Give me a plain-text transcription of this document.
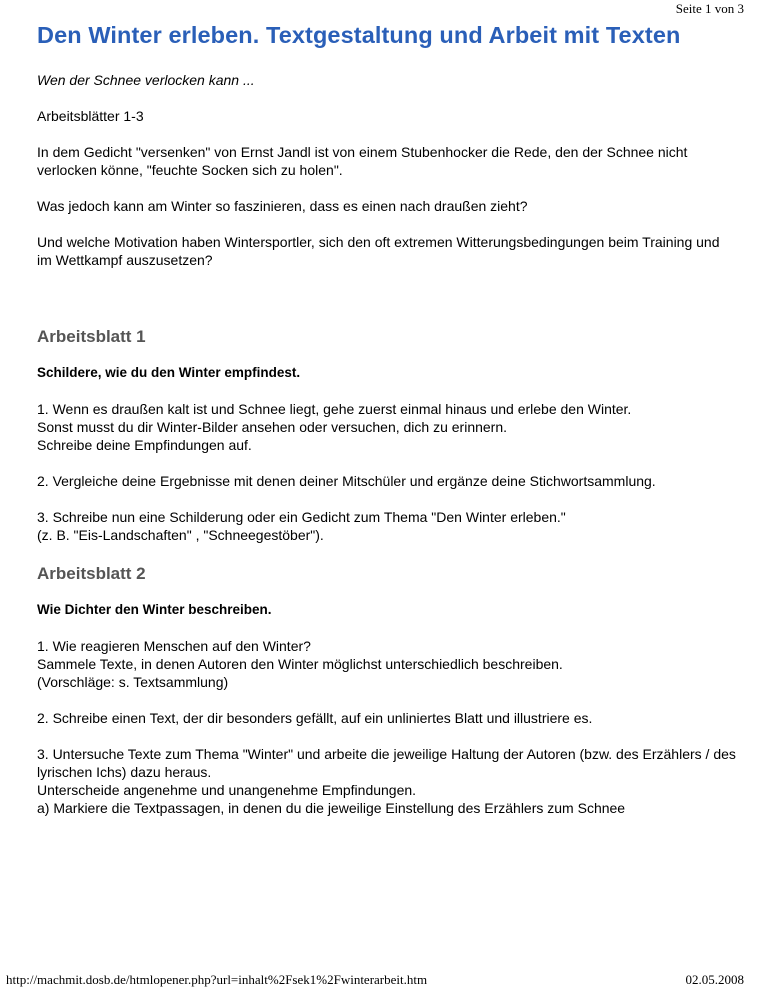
Seite 1 von 3
Den Winter erleben. Textgestaltung und Arbeit mit Texten

Wen der Schnee verlocken kann ...

Arbeitsblätter 1-3

In dem Gedicht "versenken" von Ernst Jandl ist von einem Stubenhocker die Rede, den der Schnee nicht verlocken könne, "feuchte Socken sich zu holen".

Was jedoch kann am Winter so faszinieren, dass es einen nach draußen zieht?

Und welche Motivation haben Wintersportler, sich den oft extremen Witterungsbedingungen beim Training und im Wettkampf auszusetzen?

Arbeitsblatt 1

Schildere, wie du den Winter empfindest.

1. Wenn es draußen kalt ist und Schnee liegt, gehe zuerst einmal hinaus und erlebe den Winter.
Sonst musst du dir Winter-Bilder ansehen oder versuchen, dich zu erinnern.
Schreibe deine Empfindungen auf.

2. Vergleiche deine Ergebnisse mit denen deiner Mitschüler und ergänze deine Stichwortsammlung.

3. Schreibe nun eine Schilderung oder ein Gedicht zum Thema "Den Winter erleben."
(z. B. "Eis-Landschaften" , "Schneegestöber").

Arbeitsblatt 2

Wie Dichter den Winter beschreiben.

1. Wie reagieren Menschen auf den Winter?
Sammele Texte, in denen Autoren den Winter möglichst unterschiedlich beschreiben.
(Vorschläge: s. Textsammlung)

2. Schreibe einen Text, der dir besonders gefällt, auf ein unliniertes Blatt und illustriere es.

3. Untersuche Texte zum Thema "Winter" und arbeite die jeweilige Haltung der Autoren (bzw. des Erzählers / des lyrischen Ichs) dazu heraus.
Unterscheide angenehme und unangenehme Empfindungen.
a) Markiere die Textpassagen, in denen du die jeweilige Einstellung des Erzählers zum Schnee

http://machmit.dosb.de/htmlopener.php?url=inhalt%2Fsek1%2Fwinterarbeit.htm	02.05.2008
